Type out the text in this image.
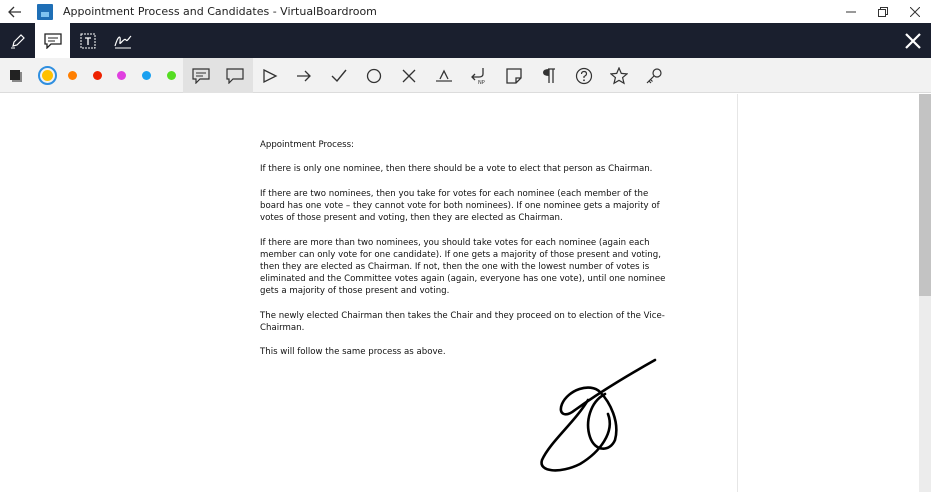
Appointment Process and Candidates - VirtualBoardroom
NP

Appointment Process:

If there is only one nominee, then there should be a vote to elect that person as Chairman.

If there are two nominees, then you take for votes for each nominee (each member of the board has one vote – they cannot vote for both nominees). If one nominee gets a majority of votes of those present and voting, then they are elected as Chairman.

If there are more than two nominees, you should take votes for each nominee (again each member can only vote for one candidate). If one gets a majority of those present and voting, then they are elected as Chairman. If not, then the one with the lowest number of votes is eliminated and the Committee votes again (again, everyone has one vote), until one nominee gets a majority of those present and voting.

The newly elected Chairman then takes the Chair and they proceed on to election of the Vice-Chairman.

This will follow the same process as above.
